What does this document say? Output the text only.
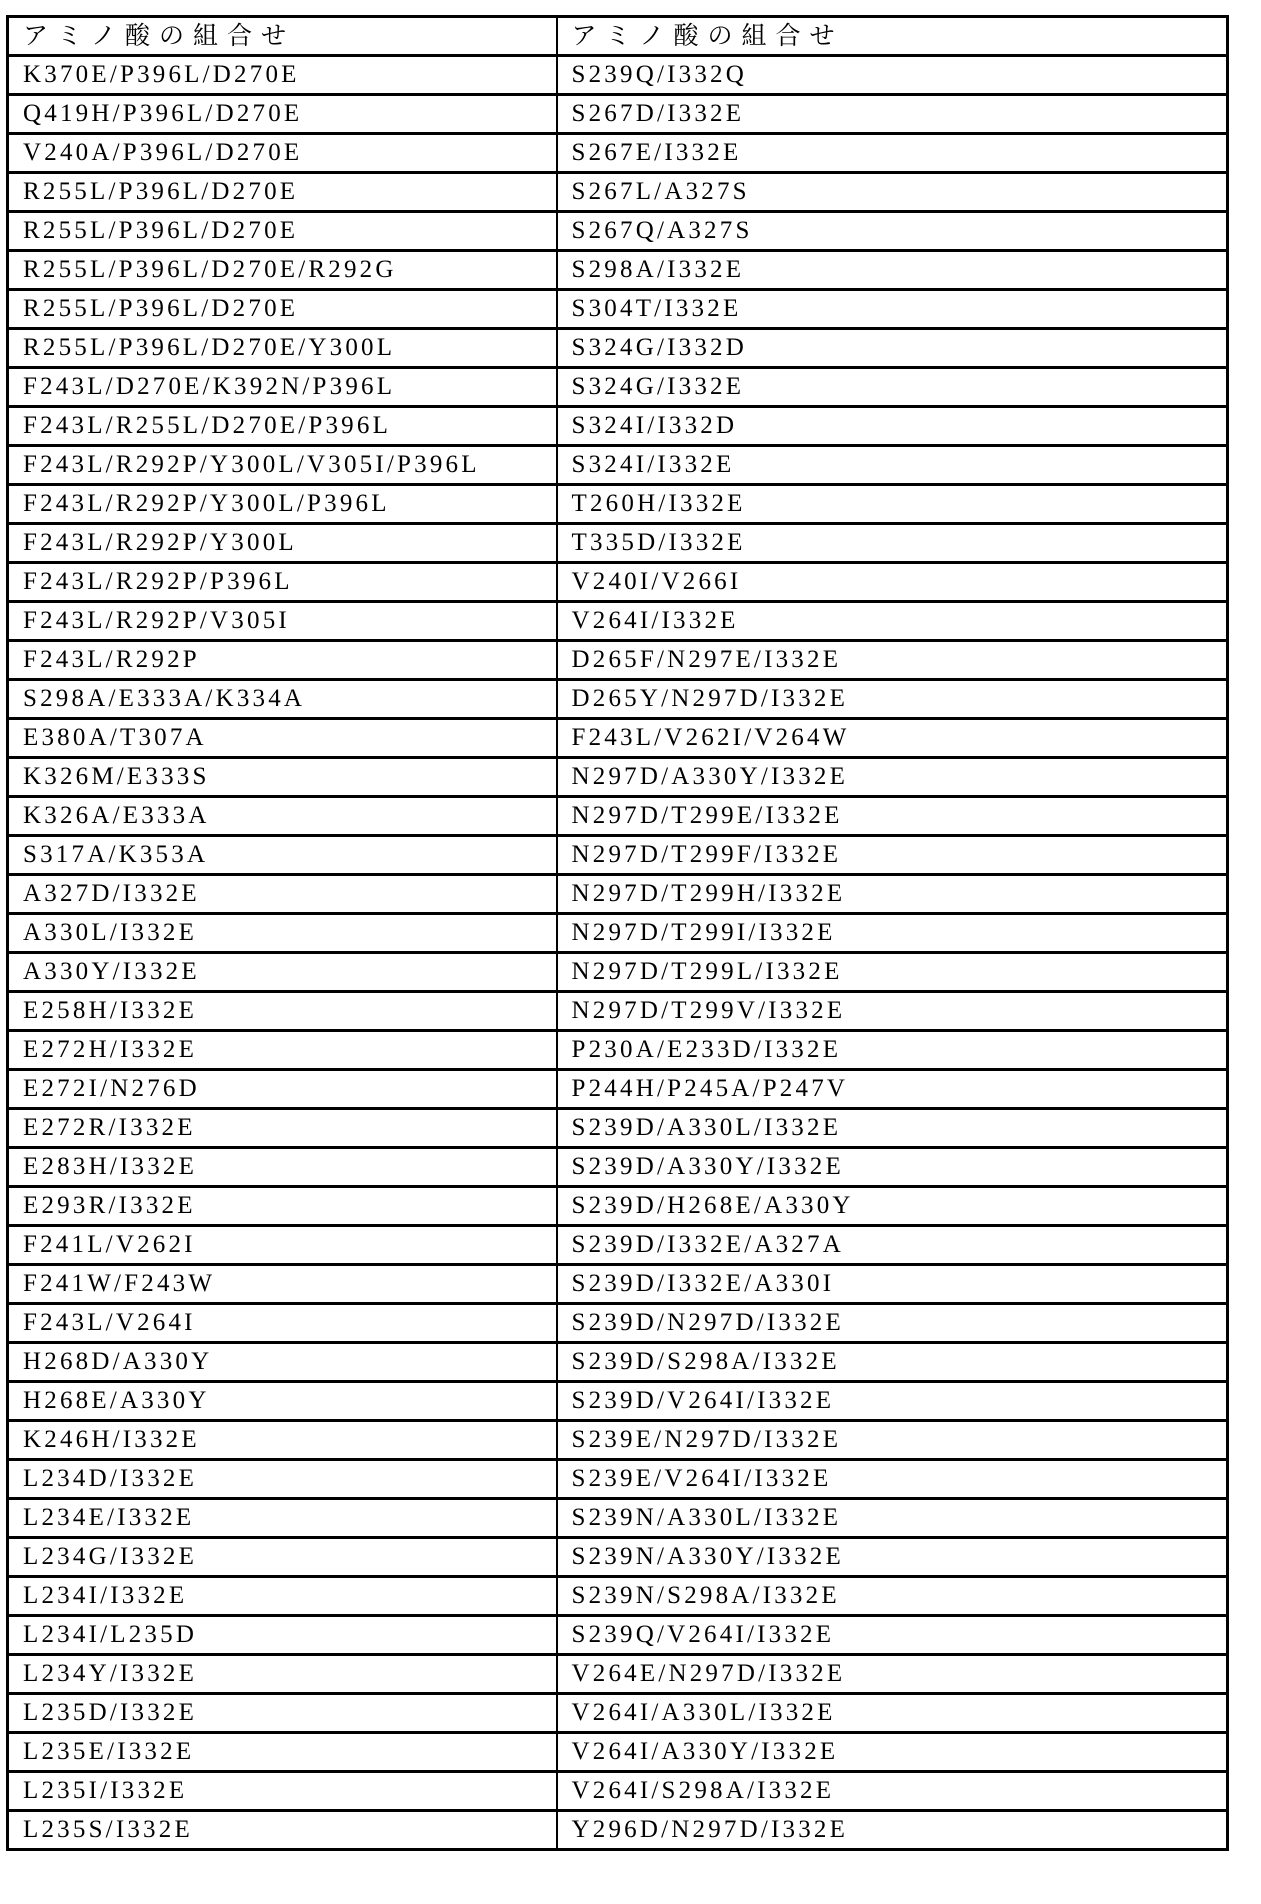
アミノ酸の組合せ	アミノ酸の組合せ
K370E/P396L/D270E	S239Q/I332Q
Q419H/P396L/D270E	S267D/I332E
V240A/P396L/D270E	S267E/I332E
R255L/P396L/D270E	S267L/A327S
R255L/P396L/D270E	S267Q/A327S
R255L/P396L/D270E/R292G	S298A/I332E
R255L/P396L/D270E	S304T/I332E
R255L/P396L/D270E/Y300L	S324G/I332D
F243L/D270E/K392N/P396L	S324G/I332E
F243L/R255L/D270E/P396L	S324I/I332D
F243L/R292P/Y300L/V305I/P396L	S324I/I332E
F243L/R292P/Y300L/P396L	T260H/I332E
F243L/R292P/Y300L	T335D/I332E
F243L/R292P/P396L	V240I/V266I
F243L/R292P/V305I	V264I/I332E
F243L/R292P	D265F/N297E/I332E
S298A/E333A/K334A	D265Y/N297D/I332E
E380A/T307A	F243L/V262I/V264W
K326M/E333S	N297D/A330Y/I332E
K326A/E333A	N297D/T299E/I332E
S317A/K353A	N297D/T299F/I332E
A327D/I332E	N297D/T299H/I332E
A330L/I332E	N297D/T299I/I332E
A330Y/I332E	N297D/T299L/I332E
E258H/I332E	N297D/T299V/I332E
E272H/I332E	P230A/E233D/I332E
E272I/N276D	P244H/P245A/P247V
E272R/I332E	S239D/A330L/I332E
E283H/I332E	S239D/A330Y/I332E
E293R/I332E	S239D/H268E/A330Y
F241L/V262I	S239D/I332E/A327A
F241W/F243W	S239D/I332E/A330I
F243L/V264I	S239D/N297D/I332E
H268D/A330Y	S239D/S298A/I332E
H268E/A330Y	S239D/V264I/I332E
K246H/I332E	S239E/N297D/I332E
L234D/I332E	S239E/V264I/I332E
L234E/I332E	S239N/A330L/I332E
L234G/I332E	S239N/A330Y/I332E
L234I/I332E	S239N/S298A/I332E
L234I/L235D	S239Q/V264I/I332E
L234Y/I332E	V264E/N297D/I332E
L235D/I332E	V264I/A330L/I332E
L235E/I332E	V264I/A330Y/I332E
L235I/I332E	V264I/S298A/I332E
L235S/I332E	Y296D/N297D/I332E
